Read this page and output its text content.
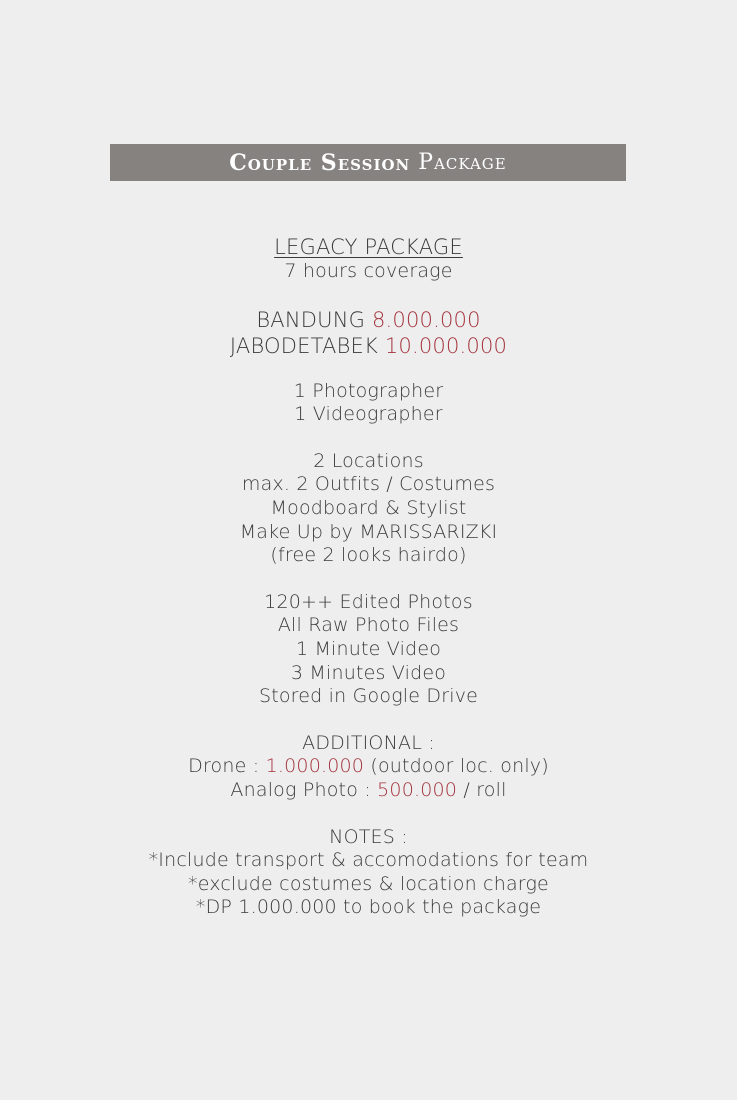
Couple Session
Package
LEGACY PACKAGE
7 hours coverage
BANDUNG 8.000.000
JABODETABEK 10.000.000
1 Photographer
1 Videographer
2 Locations
max. 2 Outfits / Costumes
Moodboard & Stylist
Make Up by MARISSARIZKI
(free 2 looks hairdo)
120++ Edited Photos
All Raw Photo Files
1 Minute Video
3 Minutes Video
Stored in Google Drive
ADDITIONAL :
Drone : 1.000.000 (outdoor loc. only)
Analog Photo : 500.000 / roll
NOTES :
*Include transport & accomodations for team
*exclude costumes & location charge
*DP 1.000.000 to book the package
